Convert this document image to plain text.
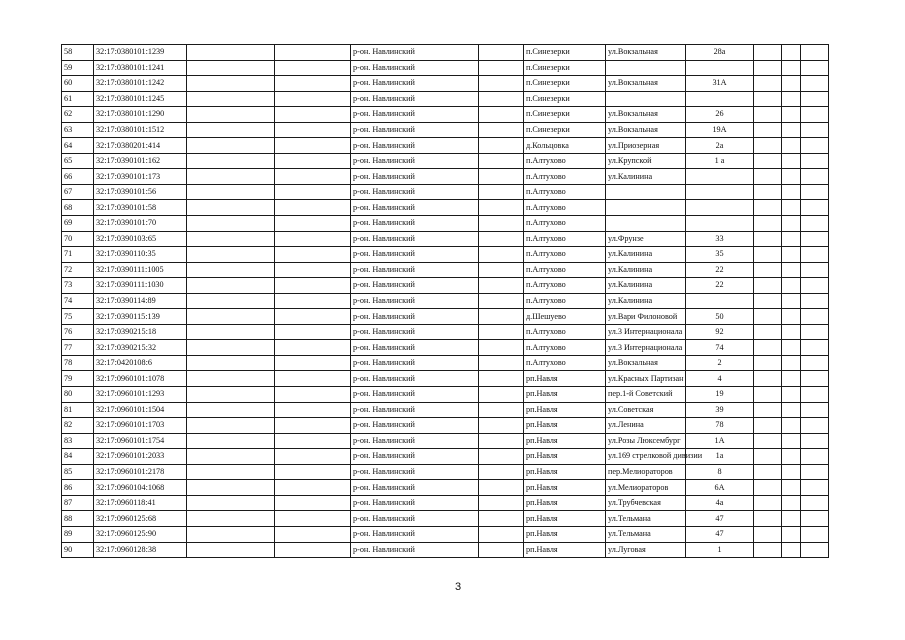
58	32:17:0380101:1239			р-он. Навлинский		п.Синезерки	ул.Вокзальная	28а			
59	32:17:0380101:1241			р-он. Навлинский		п.Синезерки					
60	32:17:0380101:1242			р-он. Навлинский		п.Синезерки	ул.Вокзальная	31А			
61	32:17:0380101:1245			р-он. Навлинский		п.Синезерки					
62	32:17:0380101:1290			р-он. Навлинский		п.Синезерки	ул.Вокзальная	26			
63	32:17:0380101:1512			р-он. Навлинский		п.Синезерки	ул.Вокзальная	19А			
64	32:17:0380201:414			р-он. Навлинский		д.Кольцовка	ул.Приозерная	2а			
65	32:17:0390101:162			р-он. Навлинский		п.Алтухово	ул.Крупской	1 а			
66	32:17:0390101:173			р-он. Навлинский		п.Алтухово	ул.Калинина				
67	32:17:0390101:56			р-он. Навлинский		п.Алтухово					
68	32:17:0390101:58			р-он. Навлинский		п.Алтухово					
69	32:17:0390101:70			р-он. Навлинский		п.Алтухово					
70	32:17:0390103:65			р-он. Навлинский		п.Алтухово	ул.Фрунзе	33			
71	32:17:0390110:35			р-он. Навлинский		п.Алтухово	ул.Калинина	35			
72	32:17:0390111:1005			р-он. Навлинский		п.Алтухово	ул.Калинина	22			
73	32:17:0390111:1030			р-он. Навлинский		п.Алтухово	ул.Калинина	22			
74	32:17:0390114:89			р-он. Навлинский		п.Алтухово	ул.Калинина				
75	32:17:0390115:139			р-он. Навлинский		д.Шешуево	ул.Вари Филоновой	50			
76	32:17:0390215:18			р-он. Навлинский		п.Алтухово	ул.3 Интернационала	92			
77	32:17:0390215:32			р-он. Навлинский		п.Алтухово	ул.3 Интернационала	74			
78	32:17:0420108:6			р-он. Навлинский		п.Алтухово	ул.Вокзальная	2			
79	32:17:0960101:1078			р-он. Навлинский		рп.Навля	ул.Красных Партизан	4			
80	32:17:0960101:1293			р-он. Навлинский		рп.Навля	пер.1-й Советский	19			
81	32:17:0960101:1504			р-он. Навлинский		рп.Навля	ул.Советская	39			
82	32:17:0960101:1703			р-он. Навлинский		рп.Навля	ул.Ленина	78			
83	32:17:0960101:1754			р-он. Навлинский		рп.Навля	ул.Розы Люксембург	1А			
84	32:17:0960101:2033			р-он. Навлинский		рп.Навля	ул.169 стрелковой дивизии	1а			
85	32:17:0960101:2178			р-он. Навлинский		рп.Навля	пер.Мелиораторов	8			
86	32:17:0960104:1068			р-он. Навлинский		рп.Навля	ул.Мелиораторов	6А			
87	32:17:0960118:41			р-он. Навлинский		рп.Навля	ул.Трубчевская	4а			
88	32:17:0960125:68			р-он. Навлинский		рп.Навля	ул.Тельмана	47			
89	32:17:0960125:90			р-он. Навлинский		рп.Навля	ул.Тельмана	47			
90	32:17:0960128:38			р-он. Навлинский		рп.Навля	ул.Луговая	1			
3
